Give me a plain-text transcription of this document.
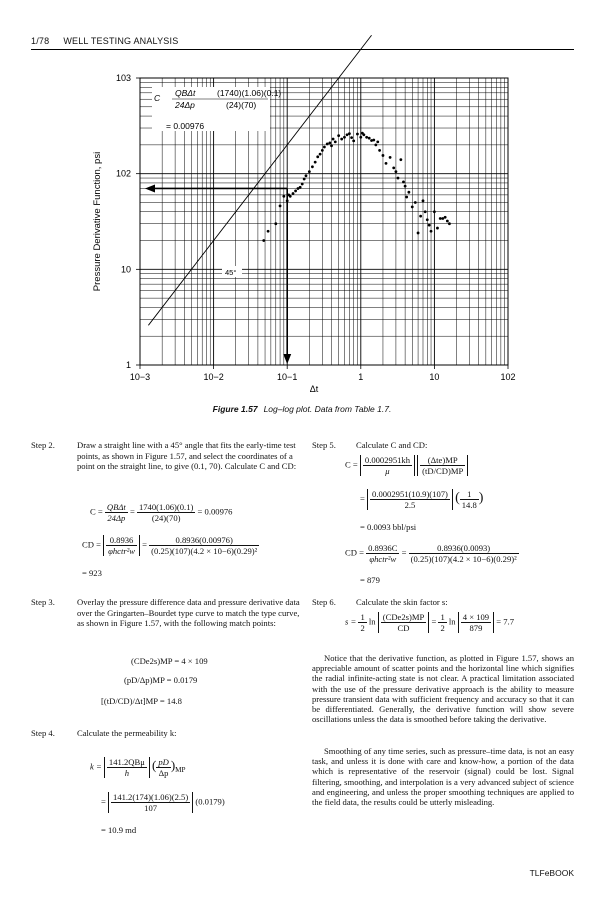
1/78 WELL TESTING ANALYSIS
10−3	10−2	10−1	1	10	102
1
10
102
103
Δt
Pressure Derivative Function, psi
C QBΔt	(1740)(1.06)(0.1)
24Δp	(24)(70)
= 0.00976
45°
Figure 1.57 Log–log plot. Data from Table 1.7.
Step 2.	Draw a straight line with a 45° angle that fits the early-time test points, as shown in Figure 1.57, and select the coordinates of a point on the straight line, to give (0.1, 70). Calculate C and CD:
$C = \frac{\text{QBΔt}}{24\Delta p} = \frac{1740(1.06)(0.1)}{(24)(70)} = 0.00976$
CD = $\frac{0.8936}{\text{φhctr²w}} = \frac{0.8936(0.00976)}{\text{(0.25)(107)(4.2 × 10−6)(0.29)²}}$
= 923
Step 3.	Overlay the pressure difference data and pressure derivative data over the Gringarten–Bourdet type curve to match the type curve, as shown in Figure 1.57, with the following match points:
(CDe2s)MP = 4 × 109
(pD/Δp)MP = 0.0179
[(tD/CD)/Δt]MP = 14.8
Step 4.	Calculate the permeability k:
$k = \frac{\text{141.2QBμ}}{h}$ ( $\frac{pD}{\Delta p} )_{MP}$
= $\frac{141.2(174)(1.06)(2.5)}{107} (0.0179)$
= 10.9 md
Step 5.	Calculate C and CD:
$C = \frac{0.0002951kh}{\mu}$
$\frac{\text{(Δte)MP}}{(tD/CD)MP}$
= $\frac{0.0002951(10.9)(107)}{2.5}$ ( $\frac{1}{14.8}$ )
= 0.0093 bbl/psi
CD = $\frac{0.8936C}{\text{φhctr²w}} = \frac{0.8936(0.0093)}{\text{(0.25)(107)(4.2 × 10−6)(0.29)²}}$
= 879
Step 6.	Calculate the skin factor s:
$s = \frac{1}{2}$ $\ln \frac{\text{(CDe2s)MP}}{CD} = \frac{1}{2}$ $\ln \frac{4 \times 109}{879} = 7.7$
Notice that the derivative function, as plotted in Figure 1.57, shows an appreciable amount of scatter points and the horizontal line which signifies the radial infinite-acting state is not clear. A practical limitation associated with the use of the pressure derivative approach is the ability to measure pressure transient data with sufficient frequency and accuracy so that it can be differentiated. Generally, the derivative function will show severe oscillations unless the data is smoothed before taking the derivative.
Smoothing of any time series, such as pressure–time data, is not an easy task, and unless it is done with care and know-how, a portion of the data which is representative of the reservoir (signal) could be lost. Signal filtering, smoothing, and interpolation is a very advanced subject of science and engineering, and unless the proper smoothing techniques are applied to the field data, the results could be utterly misleading.
TLFeBOOK
